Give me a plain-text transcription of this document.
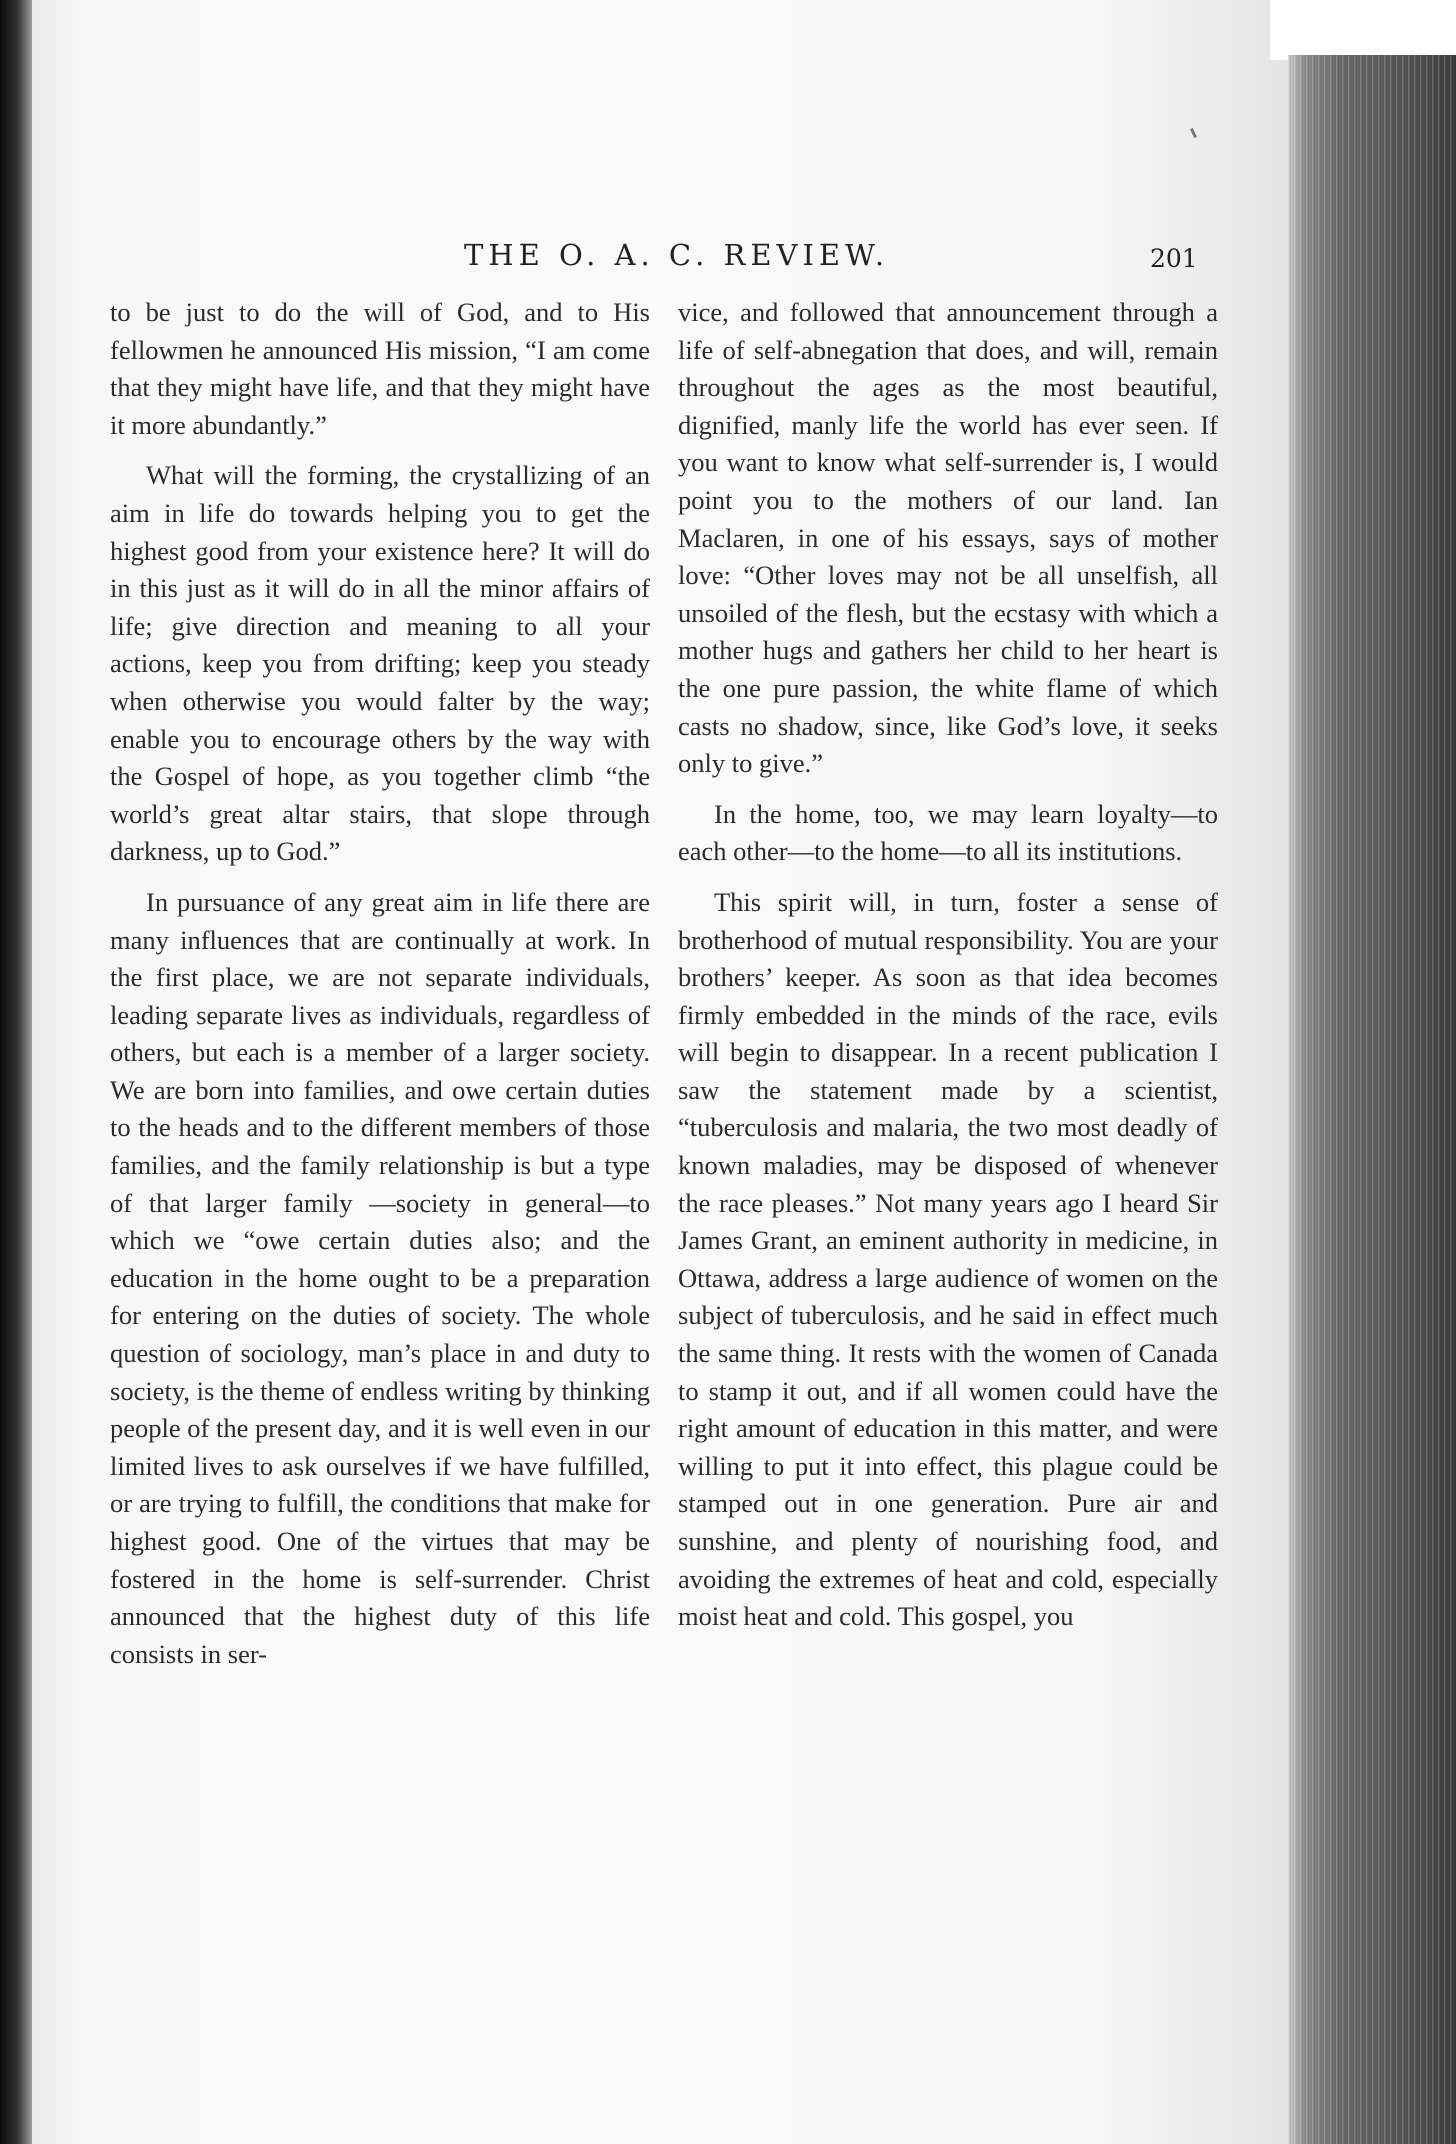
THE O. A. C. REVIEW.	201

to be just to do the will of God, and to His fellowmen he announced His mission, “I am come that they might have life, and that they might have it more abundantly.”

What will the forming, the crystallizing of an aim in life do towards helping you to get the highest good from your existence here? It will do in this just as it will do in all the minor affairs of life; give direction and meaning to all your actions, keep you from drifting; keep you steady when otherwise you would falter by the way; enable you to encourage others by the way with the Gospel of hope, as you together climb “the world’s great altar stairs, that slope through darkness, up to God.”

In pursuance of any great aim in life there are many influences that are continually at work. In the first place, we are not separate individuals, leading separate lives as individuals, regardless of others, but each is a member of a larger society. We are born into families, and owe certain duties to the heads and to the different members of those families, and the family relationship is but a type of that larger family —society in general—to which we “owe certain duties also; and the education in the home ought to be a preparation for entering on the duties of society. The whole question of sociology, man’s place in and duty to society, is the theme of endless writing by thinking people of the present day, and it is well even in our limited lives to ask ourselves if we have fulfilled, or are trying to fulfill, the conditions that make for highest good. One of the virtues that may be fostered in the home is self-surrender. Christ announced that the highest duty of this life consists in ser-

vice, and followed that announcement through a life of self-abnegation that does, and will, remain throughout the ages as the most beautiful, dignified, manly life the world has ever seen. If you want to know what self-surrender is, I would point you to the mothers of our land. Ian Maclaren, in one of his essays, says of mother love: “Other loves may not be all unselfish, all unsoiled of the flesh, but the ecstasy with which a mother hugs and gathers her child to her heart is the one pure passion, the white flame of which casts no shadow, since, like God’s love, it seeks only to give.”

In the home, too, we may learn loyalty—to each other—to the home—to all its institutions.

This spirit will, in turn, foster a sense of brotherhood of mutual responsibility. You are your brothers’ keeper. As soon as that idea becomes firmly embedded in the minds of the race, evils will begin to disappear. In a recent publication I saw the statement made by a scientist, “tuberculosis and malaria, the two most deadly of known maladies, may be disposed of whenever the race pleases.” Not many years ago I heard Sir James Grant, an eminent authority in medicine, in Ottawa, address a large audience of women on the subject of tuberculosis, and he said in effect much the same thing. It rests with the women of Canada to stamp it out, and if all women could have the right amount of education in this matter, and were willing to put it into effect, this plague could be stamped out in one generation. Pure air and sunshine, and plenty of nourishing food, and avoiding the extremes of heat and cold, especially moist heat and cold. This gospel, you
